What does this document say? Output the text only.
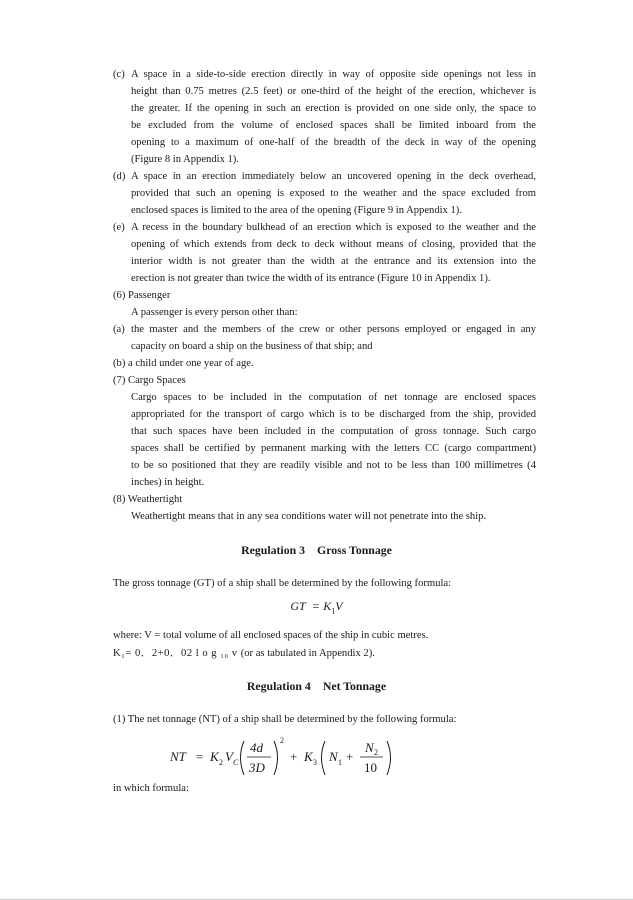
(c) A space in a side-to-side erection directly in way of opposite side openings not less in
height than 0.75 metres (2.5 feet) or one-third of the height of the erection, whichever is
the greater. If the opening in such an erection is provided on one side only, the space to
be excluded from the volume of enclosed spaces shall be limited inboard from the
opening to a maximum of one-half of the breadth of the deck in way of the opening
(Figure 8 in Appendix 1).
(d) A space in an erection immediately below an uncovered opening in the deck overhead,
provided that such an opening is exposed to the weather and the space excluded from
enclosed spaces is limited to the area of the opening (Figure 9 in Appendix 1).
(e) A recess in the boundary bulkhead of an erection which is exposed to the weather and the
opening of which extends from deck to deck without means of closing, provided that the
interior width is not greater than the width at the entrance and its extension into the
erection is not greater than twice the width of its entrance (Figure 10 in Appendix 1).
(6) Passenger
A passenger is every person other than:
(a) the master and the members of the crew or other persons employed or engaged in any
capacity on board a ship on the business of that ship; and
(b) a child under one year of age.
(7) Cargo Spaces
Cargo spaces to be included in the computation of net tonnage are enclosed spaces
appropriated for the transport of cargo which is to be discharged from the ship, provided
that such spaces have been included in the computation of gross tonnage. Such cargo
spaces shall be certified by permanent marking with the letters CC (cargo compartment)
to be so positioned that they are readily visible and not to be less than 100 millimetres (4
inches) in height.
(8) Weathertight
Weathertight means that in any sea conditions water will not penetrate into the ship.
Regulation 3 Gross Tonnage
The gross tonnage (GT) of a ship shall be determined by the following formula:
GT = $K_1V$
where: V = total volume of all enclosed spaces of the ship in cubic metres.
K₁= 0．2+0．02 l o g ₁₀ v (or as tabulated in Appendix 2).
Regulation 4 Net Tonnage
(1) The net tonnage (NT) of a ship shall be determined by the following formula:
NT = K 2 V C
4d
3D
2
+ K 3 N 1 +
N 2
10
in which formula:
